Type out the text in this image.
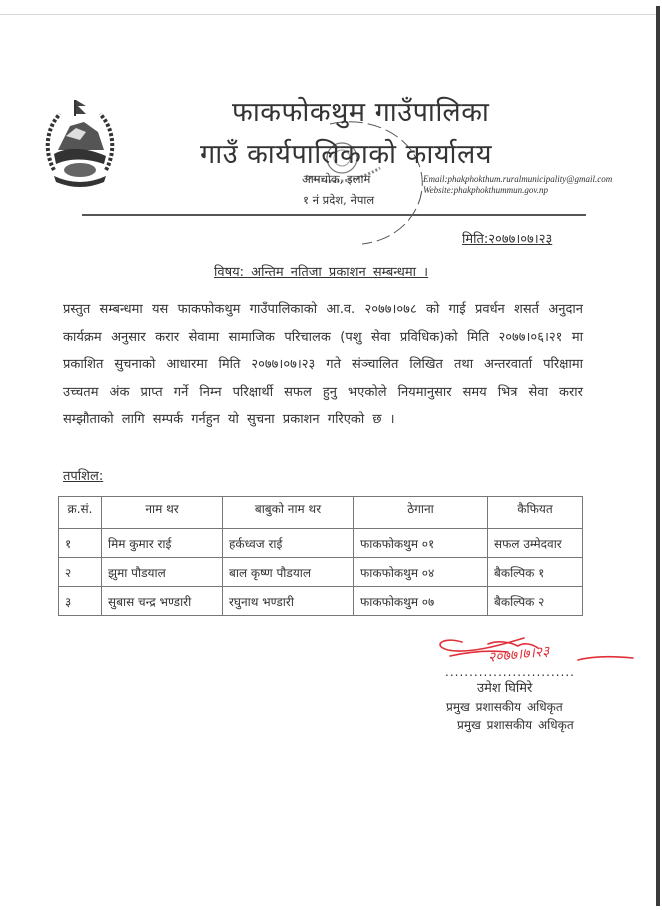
फाकफोकथुम गाउँपालिका
गाउँ कार्यपालिकाको कार्यालय
आमचोक, इलाम
१ नं प्रदेश, नेपाल
Email:phakphokthum.ruralmunicipality@gmail.com
Website:phakphokthummun.gov.np
मिति:२०७७।०७।२३
विषय: अन्तिम नतिजा प्रकाशन सम्बन्धमा ।
प्रस्तुत सम्बन्धमा यस फाकफोकथुम गाउँपालिकाको आ.व. २०७७।०७८ को गाई प्रवर्धन शसर्त अनुदान कार्यक्रम अनुसार करार सेवामा सामाजिक परिचालक (पशु सेवा प्रविधिक)को मिति २०७७।०६।२१ मा प्रकाशित सुचनाको आधारमा मिति २०७७।०७।२३ गते संञ्चालित लिखित तथा अन्तरवार्ता परिक्षामा उच्चतम अंक प्राप्त गर्ने निम्न परिक्षार्थी सफल हुनु भएकोले नियमानुसार समय भित्र सेवा करार सम्झौताको लागि सम्पर्क गर्नहुन यो सुचना प्रकाशन गरिएको छ ।
तपशिल:
क्र.सं.	नाम थर	बाबुको नाम थर	ठेगाना	कैफियत
१	मिम कुमार राई	हर्कध्वज राई	फाकफोकथुम ०१	सफल उम्मेदवार
२	झुमा पौडयाल	बाल कृष्ण पौडयाल	फाकफोकथुम ०४	बैकल्पिक १
३	सुबास चन्द्र भण्डारी	रघुनाथ भण्डारी	फाकफोकथुम ०७	बैकल्पिक २
२०७७।७।२३
...........................
उमेश घिमिरे
प्रमुख प्रशासकीय अधिकृत
प्रमुख प्रशासकीय अधिकृत
